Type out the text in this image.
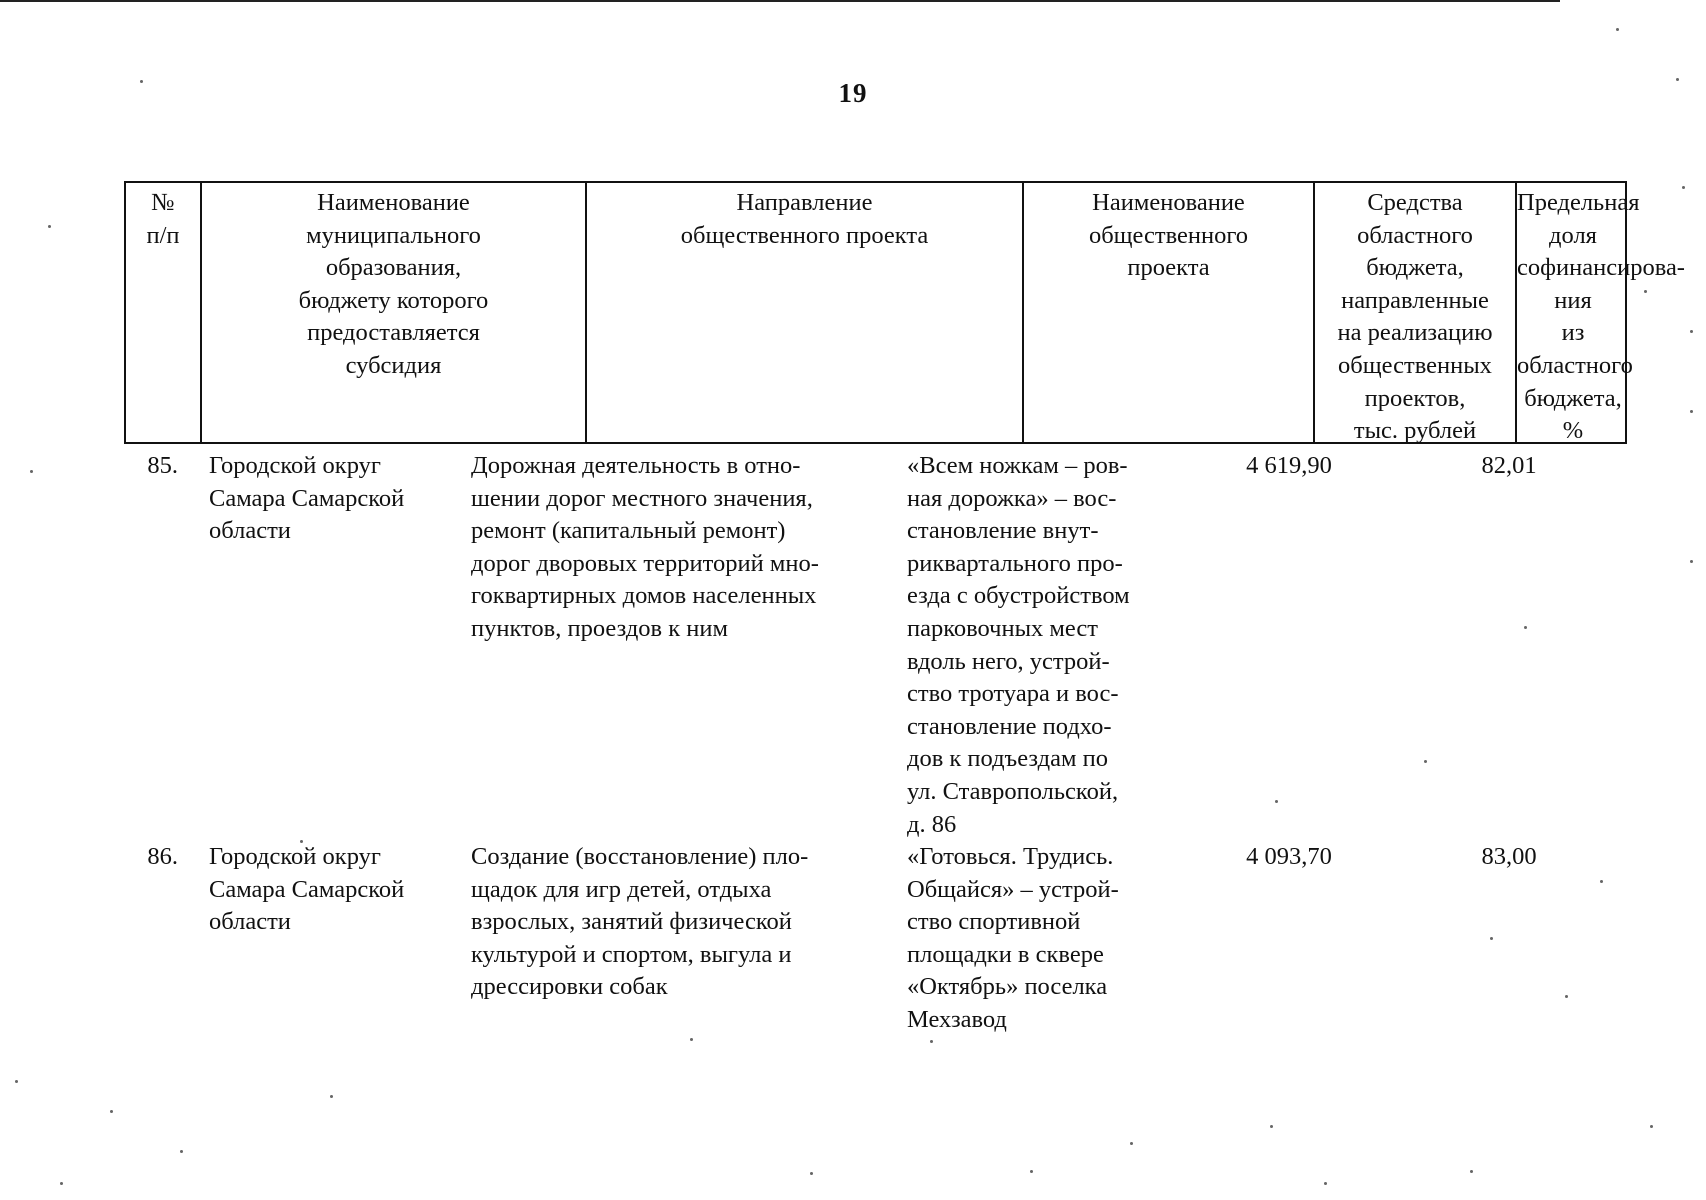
19
№
п/п
Наименование
муниципального
образования,
бюджету которого
предоставляется
субсидия
Направление
общественного проекта
Наименование
общественного
проекта
Средства
областного
бюджета,
направленные
на реализацию
общественных
проектов,
тыс. рублей
Предельная доля
софинансирова-
ния
из областного
бюджета, %
85. Городской округ
Самара Самарской
области
Дорожная деятельность в отно-
шении дорог местного значения,
ремонт (капитальный ремонт)
дорог дворовых территорий мно-
гоквартирных домов населенных
пунктов, проездов к ним
«Всем ножкам – ров-
ная дорожка» – вос-
становление внут-
риквартального про-
езда с обустройством
парковочных мест
вдоль него, устрой-
ство тротуара и вос-
становление подхо-
дов к подъездам по
ул. Ставропольской,
д. 86
4 619,90	82,01
86. Городской округ
Самара Самарской
области
Создание (восстановление) пло-
щадок для игр детей, отдыха
взрослых, занятий физической
культурой и спортом, выгула и
дрессировки собак
«Готовься. Трудись.
Общайся» – устрой-
ство спортивной
площадки в сквере
«Октябрь» поселка
Мехзавод
4 093,70	83,00
